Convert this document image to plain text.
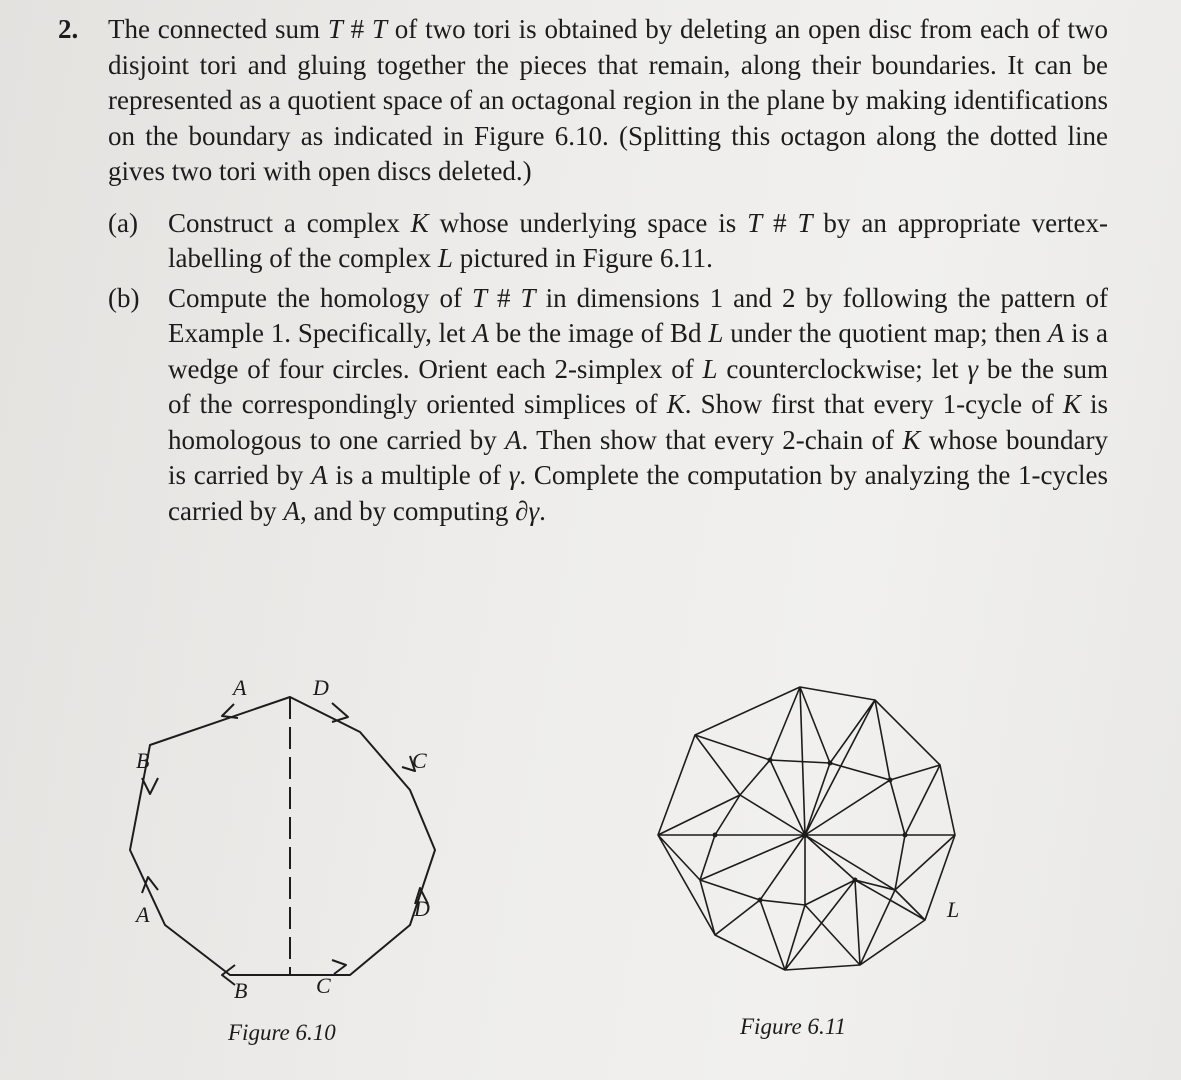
2. The connected sum T # T of two tori is obtained by deleting an open disc from each of two disjoint tori and gluing together the pieces that remain, along their boundaries. It can be represented as a quotient space of an octagonal region in the plane by making identifications on the boundary as indicated in Figure 6.10. (Splitting this octagon along the dotted line gives two tori with open discs deleted.)
(a) Construct a complex K whose underlying space is T # T by an appropriate vertex-labelling of the complex L pictured in Figure 6.11.
(b) Compute the homology of T # T in dimensions 1 and 2 by following the pattern of Example 1. Specifically, let A be the image of Bd L under the quotient map; then A is a wedge of four circles. Orient each 2-simplex of L counterclockwise; let γ be the sum of the correspondingly oriented simplices of K. Show first that every 1-cycle of K is homologous to one carried by A. Then show that every 2-chain of K whose boundary is carried by A is a multiple of γ. Complete the computation by analyzing the 1-cycles carried by A, and by computing ∂γ.
A	D
B	C
A	D
B	C
Figure 6.10
L
Figure 6.11
